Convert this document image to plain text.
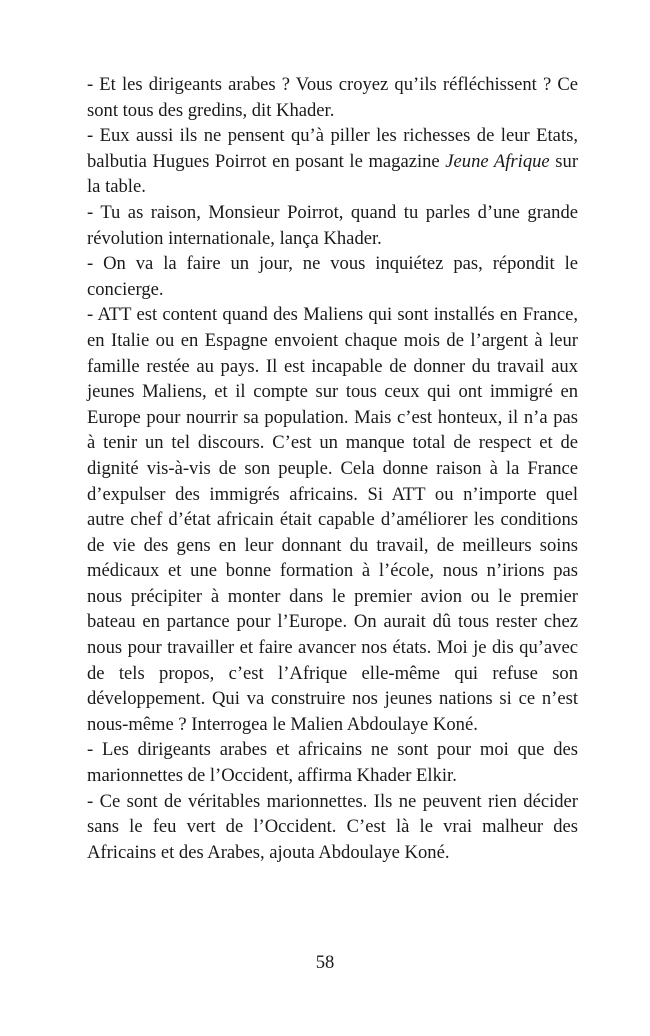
- Et les dirigeants arabes ? Vous croyez qu’ils réfléchissent ? Ce sont tous des gredins, dit Khader.

- Eux aussi ils ne pensent qu’à piller les richesses de leur Etats, balbutia Hugues Poirrot en posant le magazine Jeune Afrique sur la table.

- Tu as raison, Monsieur Poirrot, quand tu parles d’une grande révolution internationale, lança Khader.

- On va la faire un jour, ne vous inquiétez pas, répondit le concierge.

- ATT est content quand des Maliens qui sont installés en France, en Italie ou en Espagne envoient chaque mois de l’argent à leur famille restée au pays. Il est incapable de donner du travail aux jeunes Maliens, et il compte sur tous ceux qui ont immigré en Europe pour nourrir sa population. Mais c’est honteux, il n’a pas à tenir un tel discours. C’est un manque total de respect et de dignité vis-à-vis de son peuple. Cela donne raison à la France d’expulser des immigrés africains. Si ATT ou n’importe quel autre chef d’état africain était capable d’améliorer les conditions de vie des gens en leur donnant du travail, de meilleurs soins médicaux et une bonne formation à l’école, nous n’irions pas nous précipiter à monter dans le premier avion ou le premier bateau en partance pour l’Europe. On aurait dû tous rester chez nous pour travailler et faire avancer nos états. Moi je dis qu’avec de tels propos, c’est l’Afrique elle-même qui refuse son développement. Qui va construire nos jeunes nations si ce n’est nous-même ? Interrogea le Malien Abdoulaye Koné.

- Les dirigeants arabes et africains ne sont pour moi que des marionnettes de l’Occident, affirma Khader Elkir.

- Ce sont de véritables marionnettes. Ils ne peuvent rien décider sans le feu vert de l’Occident. C’est là le vrai malheur des Africains et des Arabes, ajouta Abdoulaye Koné.

58
